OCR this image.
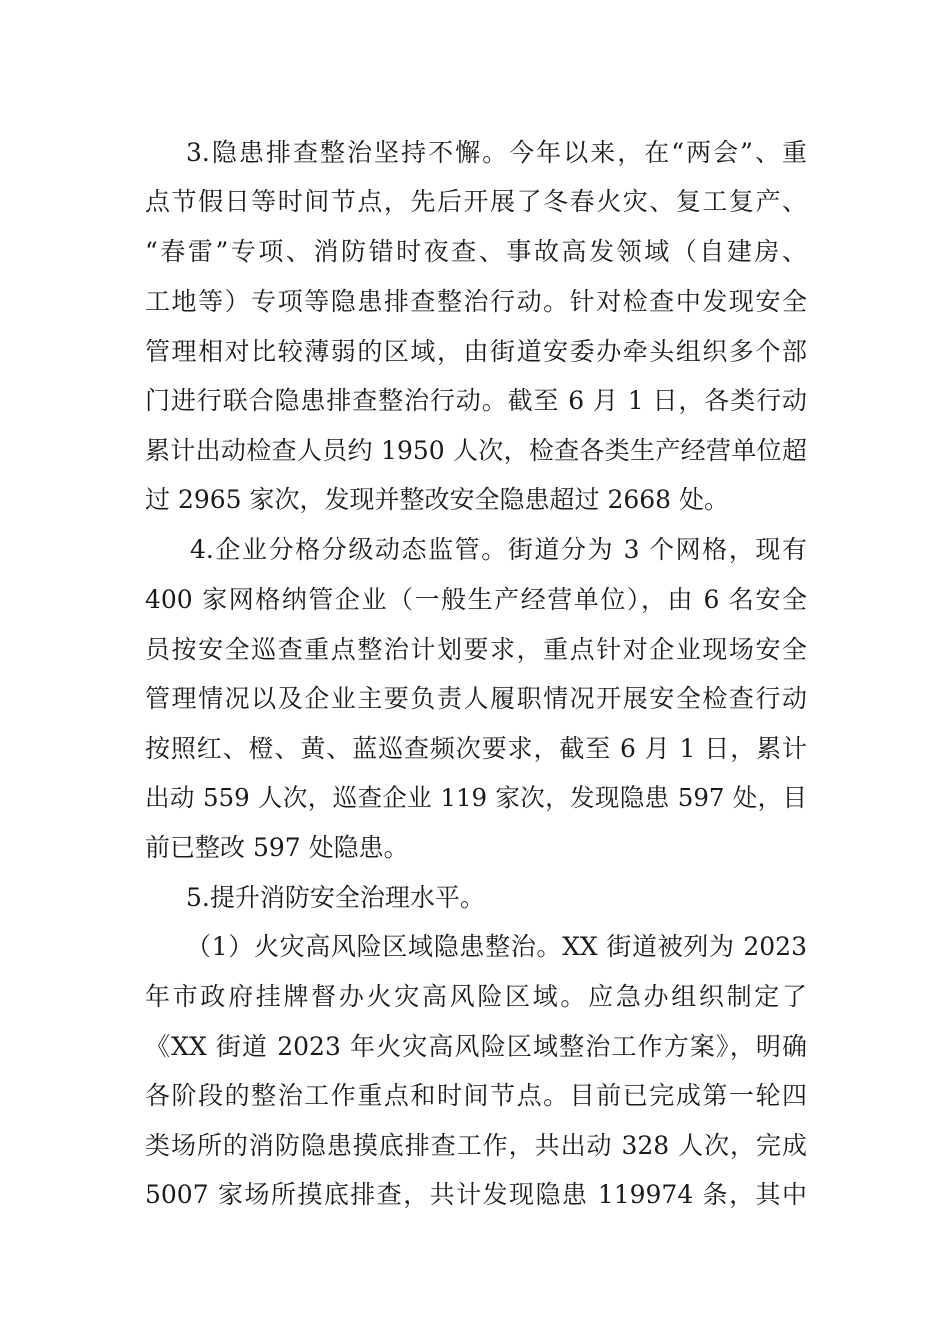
3.隐患排查整治坚持不懈。今年以来，在“两会”、重
点节假日等时间节点，先后开展了冬春火灾、复工复产、
“春雷”专项、消防错时夜查、事故高发领域（自建房、
工地等）专项等隐患排查整治行动。针对检查中发现安全
管理相对比较薄弱的区域，由街道安委办牵头组织多个部
门进行联合隐患排查整治行动。截至 6 月 1 日，各类行动
累计出动检查人员约 1950 人次，检查各类生产经营单位超
过 2965 家次，发现并整改安全隐患超过 2668 处。
4.企业分格分级动态监管。街道分为 3 个网格，现有
400 家网格纳管企业（一般生产经营单位），由 6 名安全
员按安全巡查重点整治计划要求，重点针对企业现场安全
管理情况以及企业主要负责人履职情况开展安全检查行动
按照红、橙、黄、蓝巡查频次要求，截至 6 月 1 日，累计
出动 559 人次，巡查企业 119 家次，发现隐患 597 处，目
前已整改 597 处隐患。
5.提升消防安全治理水平。
（1）火灾高风险区域隐患整治。XX 街道被列为 2023
年市政府挂牌督办火灾高风险区域。应急办组织制定了
《XX 街道 2023 年火灾高风险区域整治工作方案》，明确
各阶段的整治工作重点和时间节点。目前已完成第一轮四
类场所的消防隐患摸底排查工作，共出动 328 人次，完成
5007 家场所摸底排查，共计发现隐患 119974 条，其中
